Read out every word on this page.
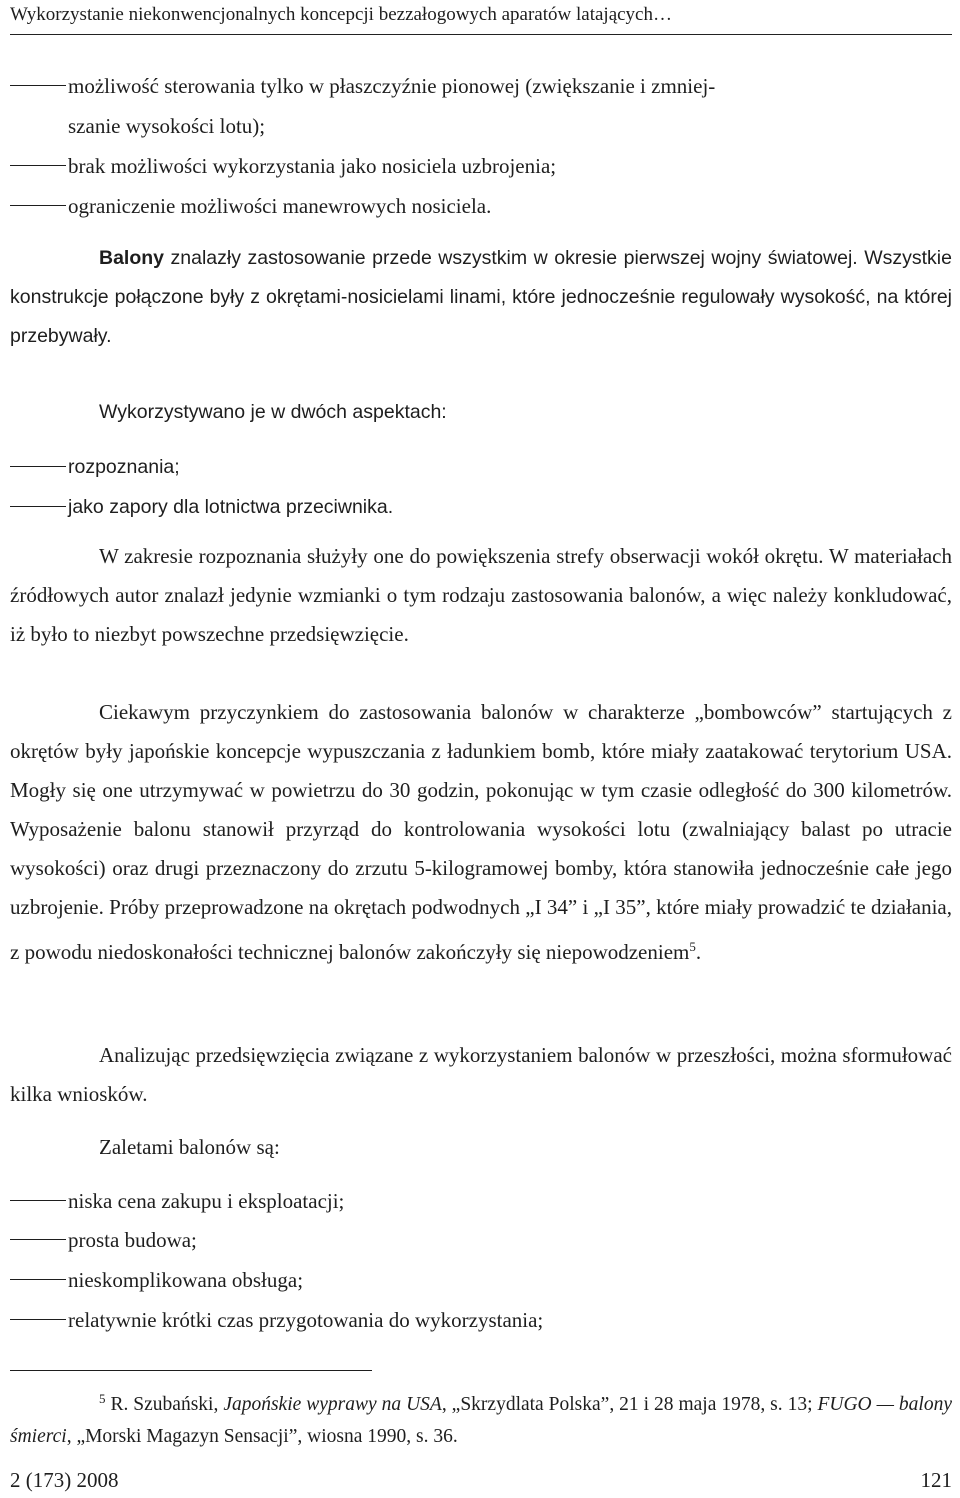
Wykorzystanie niekonwencjonalnych koncepcji bezzałogowych aparatów latających…
możliwość sterowania tylko w płaszczyźnie pionowej (zwiększanie i zmniej-
szanie wysokości lotu);
brak możliwości wykorzystania jako nosiciela uzbrojenia;
ograniczenie możliwości manewrowych nosiciela.

Balony znalazły zastosowanie przede wszystkim w okresie pierwszej wojny światowej. Wszystkie konstrukcje połączone były z okrętami-nosicielami linami, które jednocześnie regulowały wysokość, na której przebywały.

Wykorzystywano je w dwóch aspektach:
rozpoznania;
jako zapory dla lotnictwa przeciwnika.

W zakresie rozpoznania służyły one do powiększenia strefy obserwacji wokół okrętu. W materiałach źródłowych autor znalazł jedynie wzmianki o tym rodzaju zastosowania balonów, a więc należy konkludować, iż było to niezbyt powszechne przedsięwzięcie.

Ciekawym przyczynkiem do zastosowania balonów w charakterze „bombowców” startujących z okrętów były japońskie koncepcje wypuszczania z ładunkiem bomb, które miały zaatakować terytorium USA. Mogły się one utrzymywać w powietrzu do 30 godzin, pokonując w tym czasie odległość do 300 kilometrów. Wyposażenie balonu stanowił przyrząd do kontrolowania wysokości lotu (zwalniający balast po utracie wysokości) oraz drugi przeznaczony do zrzutu 5-kilogramowej bomby, która stanowiła jednocześnie całe jego uzbrojenie. Próby przeprowadzone na okrętach podwodnych „I 34” i „I 35”, które miały prowadzić te działania, z powodu niedoskonałości technicznej balonów zakończyły się niepowodzeniem$^5$.

Analizując przedsięwzięcia związane z wykorzystaniem balonów w przeszłości, można sformułować kilka wniosków.

Zaletami balonów są:
niska cena zakupu i eksploatacji;
prosta budowa;
nieskomplikowana obsługa;
relatywnie krótki czas przygotowania do wykorzystania;

$^5$ R. Szubański, Japońskie wyprawy na USA, „Skrzydlata Polska”, 21 i 28 maja 1978, s. 13; FUGO — balony śmierci, „Morski Magazyn Sensacji”, wiosna 1990, s. 36.

2 (173) 2008	121
